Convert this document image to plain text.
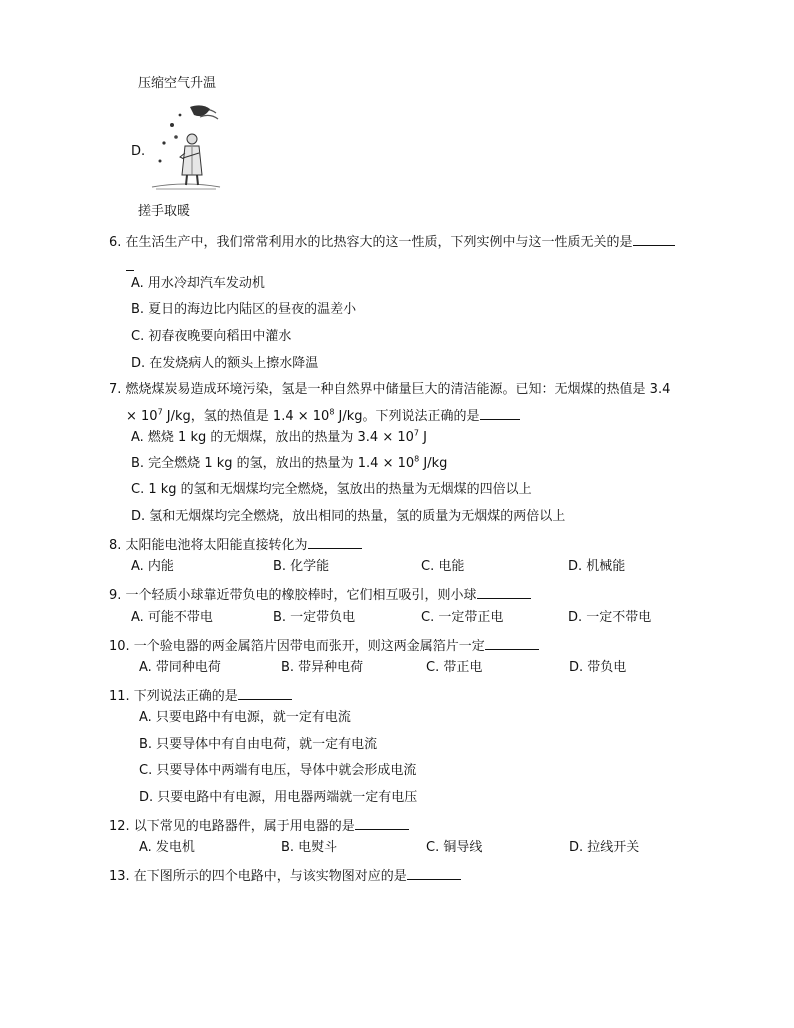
压缩空气升温
D.
搓手取暖
6. 在生活生产中，我们常常利用水的比热容大的这一性质，下列实例中与这一性质无关的是
A. 用水冷却汽车发动机
B. 夏日的海边比内陆区的昼夜的温差小
C. 初春夜晚要向稻田中灌水
D. 在发烧病人的额头上擦水降温
7. 燃烧煤炭易造成环境污染，氢是一种自然界中储量巨大的清洁能源。已知：无烟煤的热值是 3.4
× $10^7$ J/kg，氢的热值是 $1.4 \times 10^8$ J/kg。下列说法正确的是
A. 燃烧 1 kg 的无烟煤，放出的热量为 $3.4 \times 10^7$ J
B. 完全燃烧 1 kg 的氢，放出的热量为 $1.4 \times 10^8$ J/kg
C. 1 kg 的氢和无烟煤均完全燃烧，氢放出的热量为无烟煤的四倍以上
D. 氢和无烟煤均完全燃烧，放出相同的热量，氢的质量为无烟煤的两倍以上
8. 太阳能电池将太阳能直接转化为
A. 内能	B. 化学能	C. 电能	D. 机械能
9. 一个轻质小球靠近带负电的橡胶棒时，它们相互吸引，则小球
A. 可能不带电	B. 一定带负电	C. 一定带正电	D. 一定不带电
10. 一个验电器的两金属箔片因带电而张开，则这两金属箔片一定
A. 带同种电荷	B. 带异种电荷	C. 带正电	D. 带负电
11. 下列说法正确的是
A. 只要电路中有电源，就一定有电流
B. 只要导体中有自由电荷，就一定有电流
C. 只要导体中两端有电压，导体中就会形成电流
D. 只要电路中有电源，用电器两端就一定有电压
12. 以下常见的电路器件，属于用电器的是
A. 发电机	B. 电熨斗	C. 铜导线	D. 拉线开关
13. 在下图所示的四个电路中，与该实物图对应的是
